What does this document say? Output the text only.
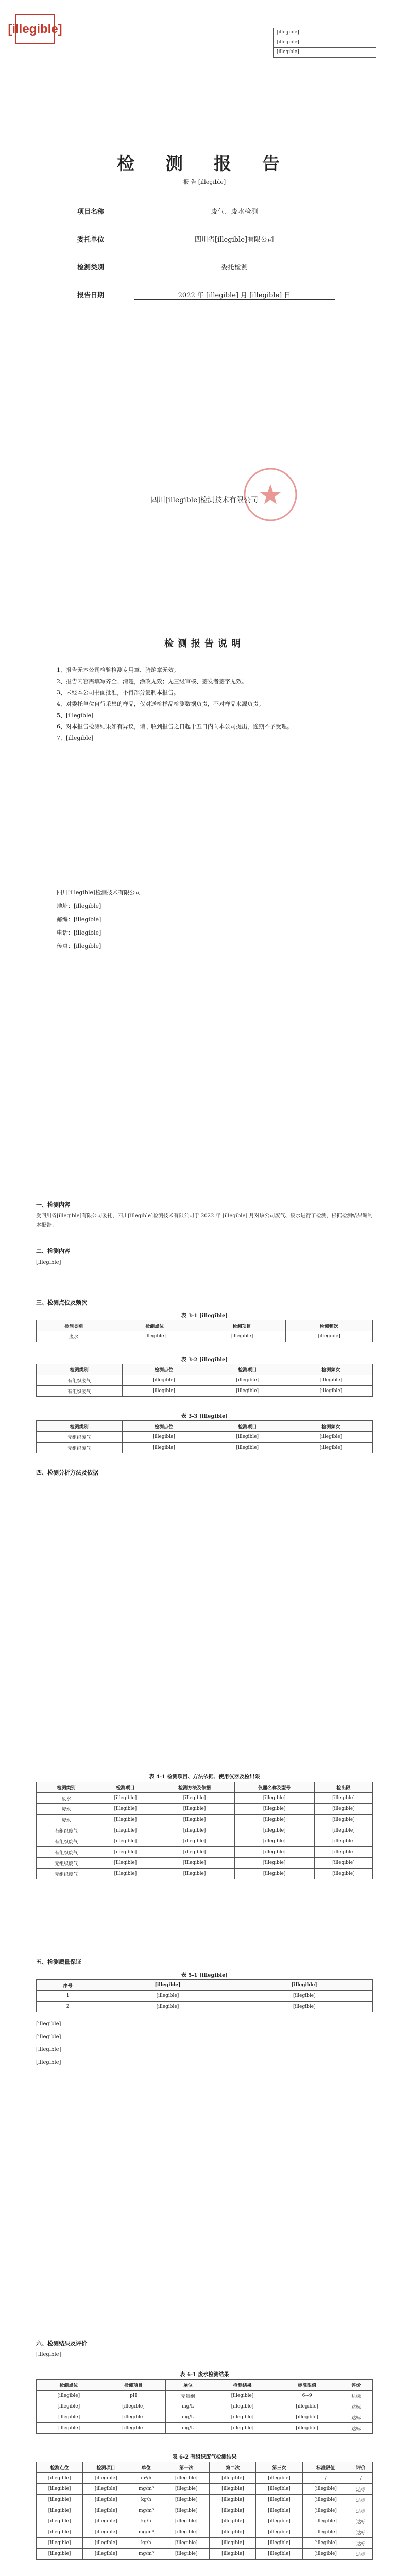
[illegible]	[illegible]
[illegible]
[illegible]
检 测 报 告
报 告 [illegible]
项目名称	废气、废水检测
委托单位	四川省[illegible]有限公司
检测类别	委托检测
报告日期	2022 年 [illegible] 月 [illegible] 日
四川[illegible]检测技术有限公司
检测报告说明
1、报告无本公司检验检测专用章、骑缝章无效。
2、报告内容需填写齐全、清楚，涂改无效；无三级审核、签发者签字无效。
3、未经本公司书面批准，不得部分复制本报告。
4、对委托单位自行采集的样品，仅对送检样品检测数据负责，不对样品来源负责。
5、[illegible]
6、对本报告检测结果如有异议，请于收到报告之日起十五日内向本公司提出，逾期不予受理。
7、[illegible]
四川[illegible]检测技术有限公司
地址：[illegible]
邮编：[illegible]
电话：[illegible]
传真：[illegible]
一、检测内容
受四川省[illegible]有限公司委托，四川[illegible]检测技术有限公司于 2022 年 [illegible] 月对该公司废气、废水进行了检测，根据检测结果编制本报告。
二、检测内容
[illegible]
三、检测点位及频次
表 3-1 [illegible]
检测类别	检测点位	检测项目	检测频次
废水	[illegible]	[illegible]	[illegible]
表 3-2 [illegible]
检测类别	检测点位	检测项目	检测频次
有组织废气	[illegible]	[illegible]	[illegible]
有组织废气	[illegible]	[illegible]	[illegible]
表 3-3 [illegible]
检测类别	检测点位	检测项目	检测频次
无组织废气	[illegible]	[illegible]	[illegible]
无组织废气	[illegible]	[illegible]	[illegible]
四、检测分析方法及依据
表 4-1 检测项目、方法依据、使用仪器及检出限
检测类别	检测项目	检测方法及依据	仪器名称及型号	检出限
废水	[illegible]	[illegible]	[illegible]	[illegible]
废水	[illegible]	[illegible]	[illegible]	[illegible]
废水	[illegible]	[illegible]	[illegible]	[illegible]
有组织废气	[illegible]	[illegible]	[illegible]	[illegible]
有组织废气	[illegible]	[illegible]	[illegible]	[illegible]
有组织废气	[illegible]	[illegible]	[illegible]	[illegible]
无组织废气	[illegible]	[illegible]	[illegible]	[illegible]
无组织废气	[illegible]	[illegible]	[illegible]	[illegible]
五、检测质量保证
表 5-1 [illegible]
序号	[illegible]	[illegible]
1	[illegible]	[illegible]
2	[illegible]	[illegible]
[illegible]
[illegible]
[illegible]
[illegible]
六、检测结果及评价
[illegible]
表 6-1 废水检测结果
检测点位	检测项目	单位	检测结果	标准限值	评价
[illegible]	pH	无量纲	[illegible]	6~9	达标
[illegible]	[illegible]	mg/L	[illegible]	[illegible]	达标
[illegible]	[illegible]	mg/L	[illegible]	[illegible]	达标
[illegible]	[illegible]	mg/L	[illegible]	[illegible]	达标
表 6-2 有组织废气检测结果
检测点位	检测项目	单位	第一次	第二次	第三次	标准限值	评价
[illegible]	[illegible]	m³/h	[illegible]	[illegible]	[illegible]	/	/
[illegible]	[illegible]	mg/m³	[illegible]	[illegible]	[illegible]	[illegible]	达标
[illegible]	[illegible]	kg/h	[illegible]	[illegible]	[illegible]	[illegible]	达标
[illegible]	[illegible]	mg/m³	[illegible]	[illegible]	[illegible]	[illegible]	达标
[illegible]	[illegible]	kg/h	[illegible]	[illegible]	[illegible]	[illegible]	达标
[illegible]	[illegible]	mg/m³	[illegible]	[illegible]	[illegible]	[illegible]	达标
[illegible]	[illegible]	kg/h	[illegible]	[illegible]	[illegible]	[illegible]	达标
[illegible]	[illegible]	mg/m³	[illegible]	[illegible]	[illegible]	[illegible]	达标
